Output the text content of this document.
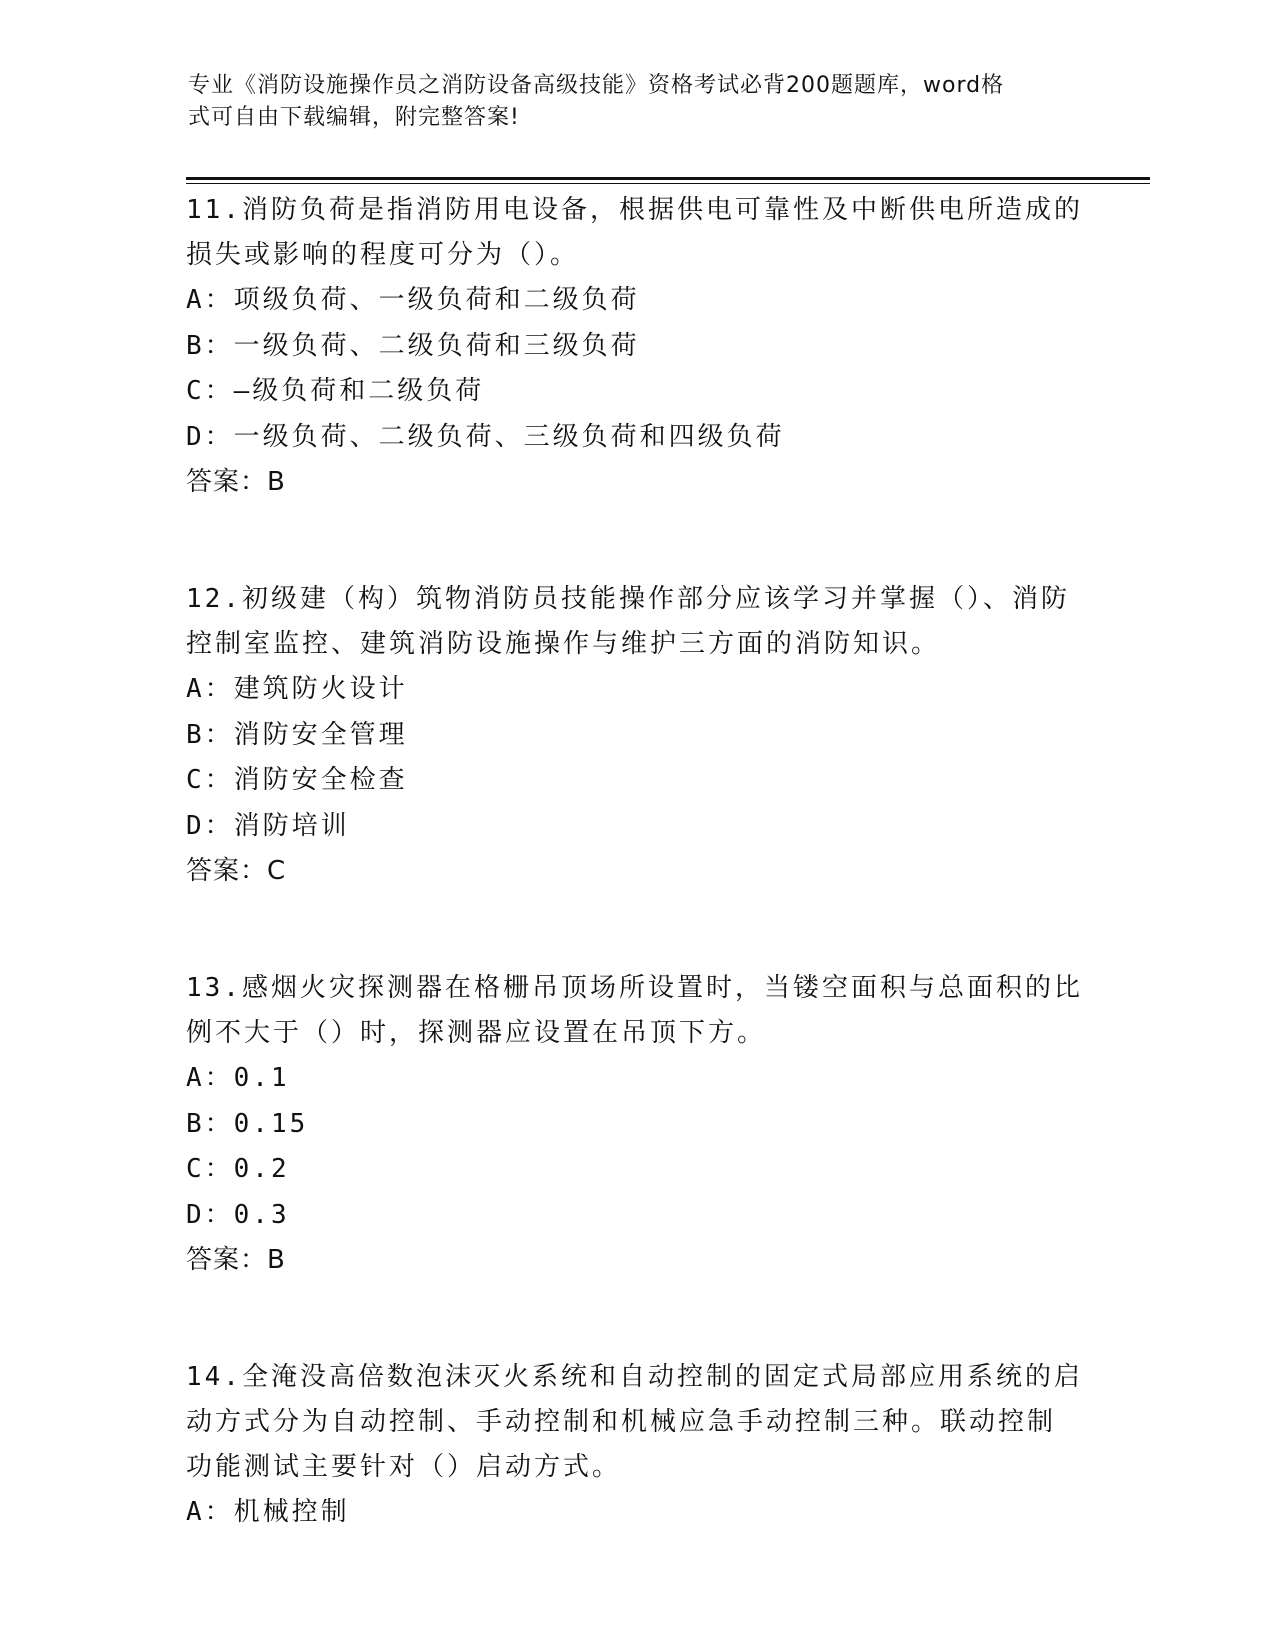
专业《消防设施操作员之消防设备高级技能》资格考试必背200题题库，word格
式可自由下载编辑，附完整答案!
11.消防负荷是指消防用电设备，根据供电可靠性及中断供电所造成的
损失或影响的程度可分为（）。
A：项级负荷、一级负荷和二级负荷
B：一级负荷、二级负荷和三级负荷
C：—级负荷和二级负荷
D：一级负荷、二级负荷、三级负荷和四级负荷
答案：B
12.初级建（构）筑物消防员技能操作部分应该学习并掌握（）、消防
控制室监控、建筑消防设施操作与维护三方面的消防知识。
A：建筑防火设计
B：消防安全管理
C：消防安全检查
D：消防培训
答案：C
13.感烟火灾探测器在格栅吊顶场所设置时，当镂空面积与总面积的比
例不大于（）时，探测器应设置在吊顶下方。
A：0.1
B：0.15
C：0.2
D：0.3
答案：B
14.全淹没高倍数泡沫灭火系统和自动控制的固定式局部应用系统的启
动方式分为自动控制、手动控制和机械应急手动控制三种。联动控制
功能测试主要针对（）启动方式。
A：机械控制
